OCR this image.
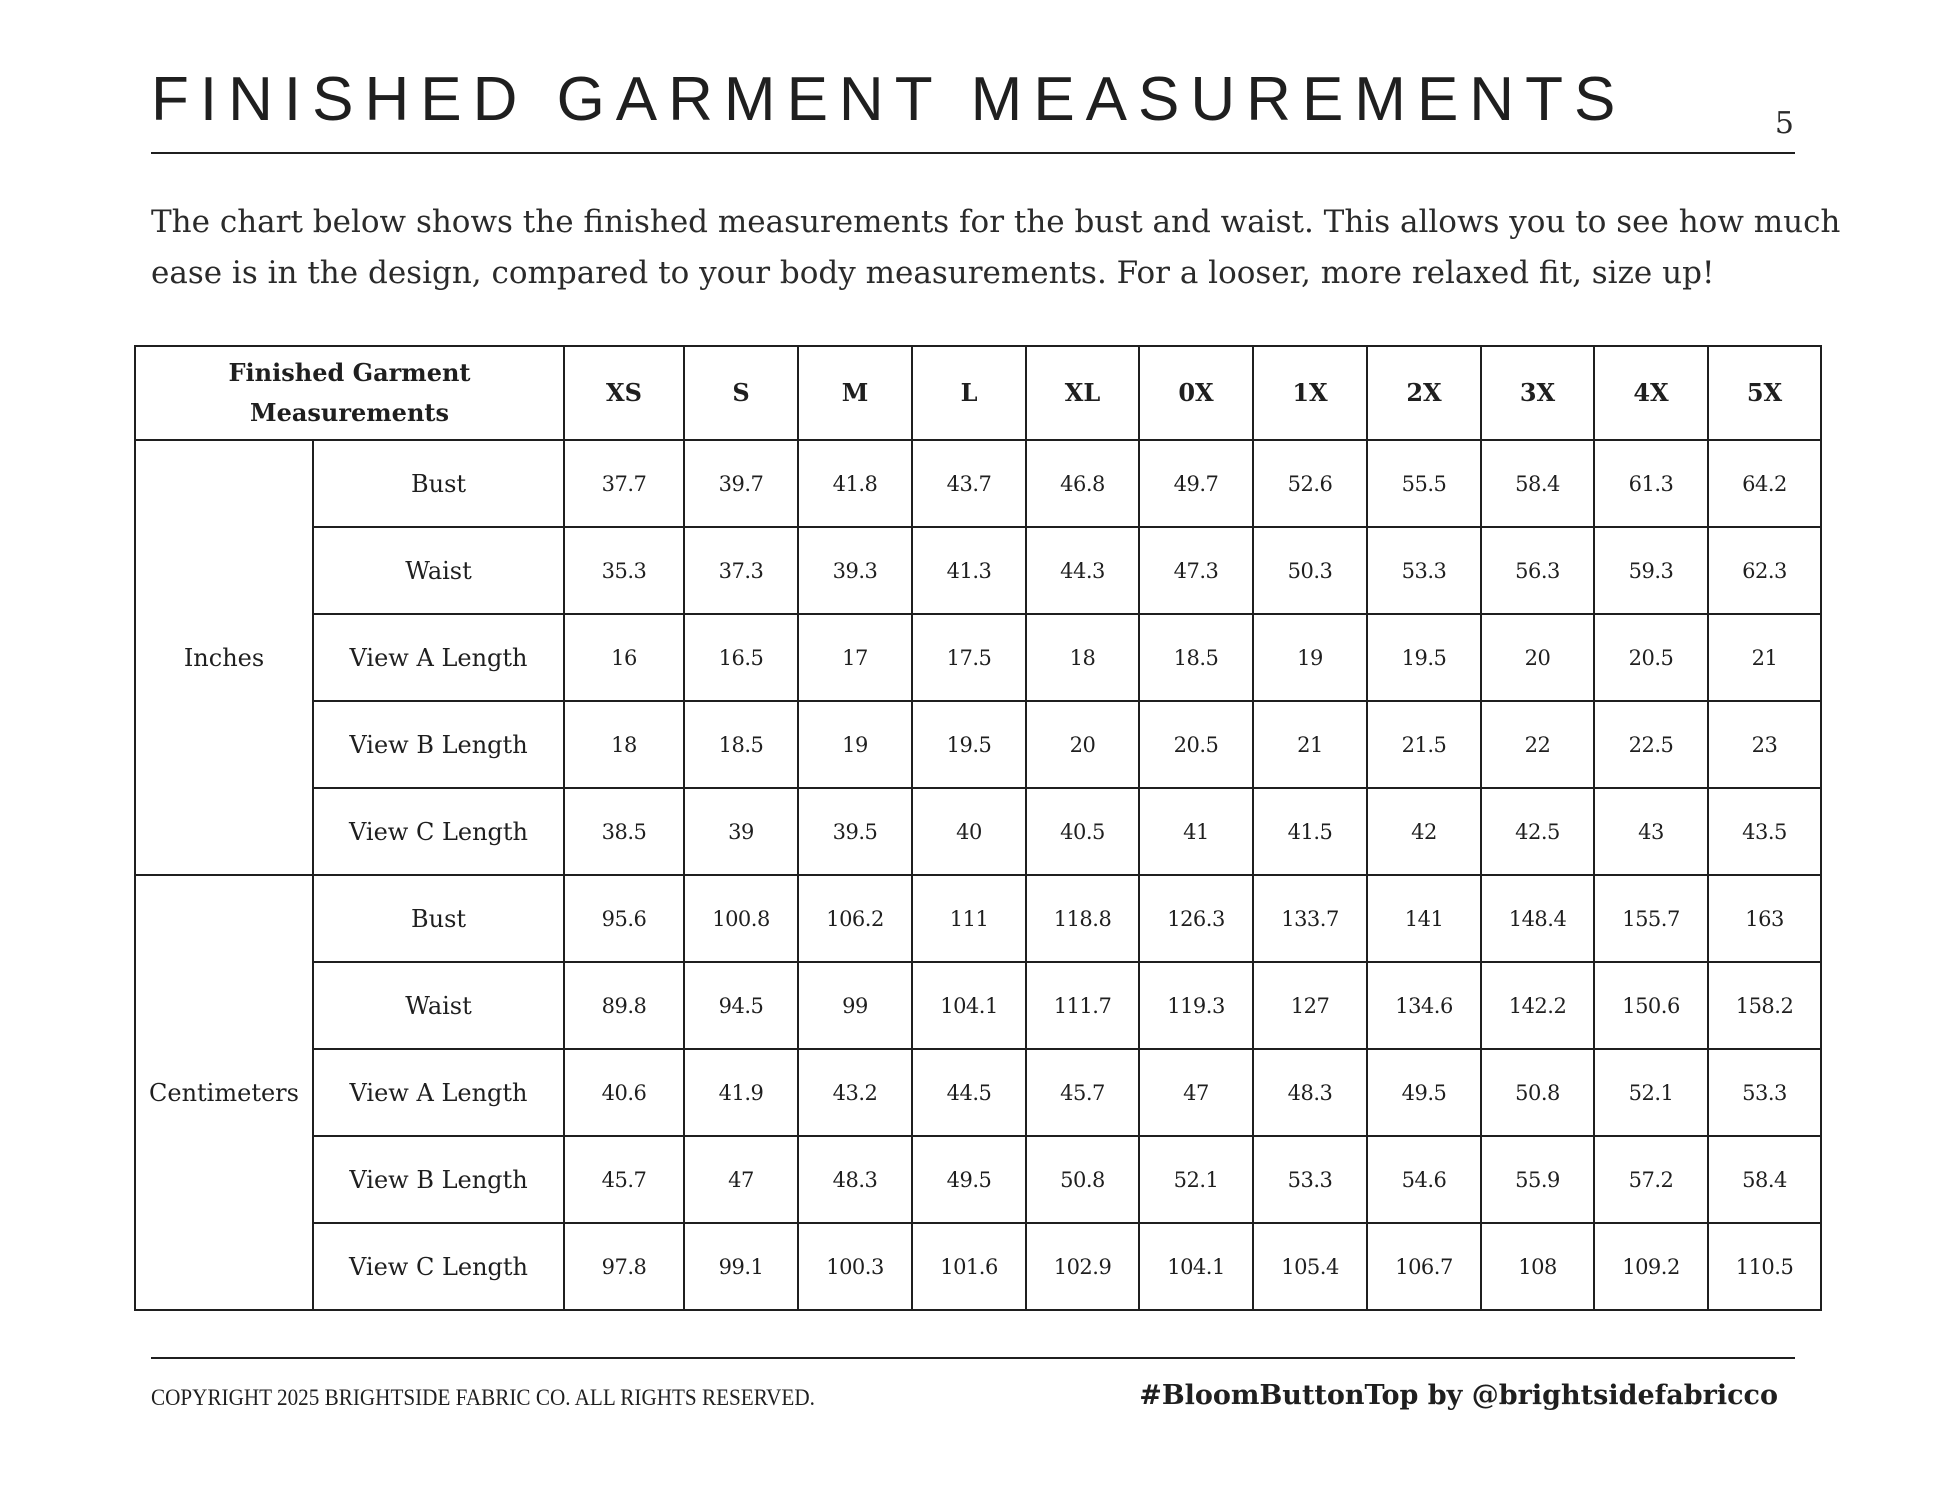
FINISHED GARMENT MEASUREMENTS	5

The chart below shows the finished measurements for the bust and waist. This allows you to see how much
ease is in the design, compared to your body measurements. For a looser, more relaxed fit, size up!

Finished Garment
Measurements		XS	S	M	L	XL	0X	1X	2X	3X	4X	5X
Inches	Bust	37.7	39.7	41.8	43.7	46.8	49.7	52.6	55.5	58.4	61.3	64.2
	Waist	35.3	37.3	39.3	41.3	44.3	47.3	50.3	53.3	56.3	59.3	62.3
	View A Length	16	16.5	17	17.5	18	18.5	19	19.5	20	20.5	21
	View B Length	18	18.5	19	19.5	20	20.5	21	21.5	22	22.5	23
	View C Length	38.5	39	39.5	40	40.5	41	41.5	42	42.5	43	43.5
Centimeters	Bust	95.6	100.8	106.2	111	118.8	126.3	133.7	141	148.4	155.7	163
	Waist	89.8	94.5	99	104.1	111.7	119.3	127	134.6	142.2	150.6	158.2
	View A Length	40.6	41.9	43.2	44.5	45.7	47	48.3	49.5	50.8	52.1	53.3
	View B Length	45.7	47	48.3	49.5	50.8	52.1	53.3	54.6	55.9	57.2	58.4
	View C Length	97.8	99.1	100.3	101.6	102.9	104.1	105.4	106.7	108	109.2	110.5
COPYRIGHT 2025 BRIGHTSIDE FABRIC CO. ALL RIGHTS RESERVED.	#BloomButtonTop by @brightsidefabricco
